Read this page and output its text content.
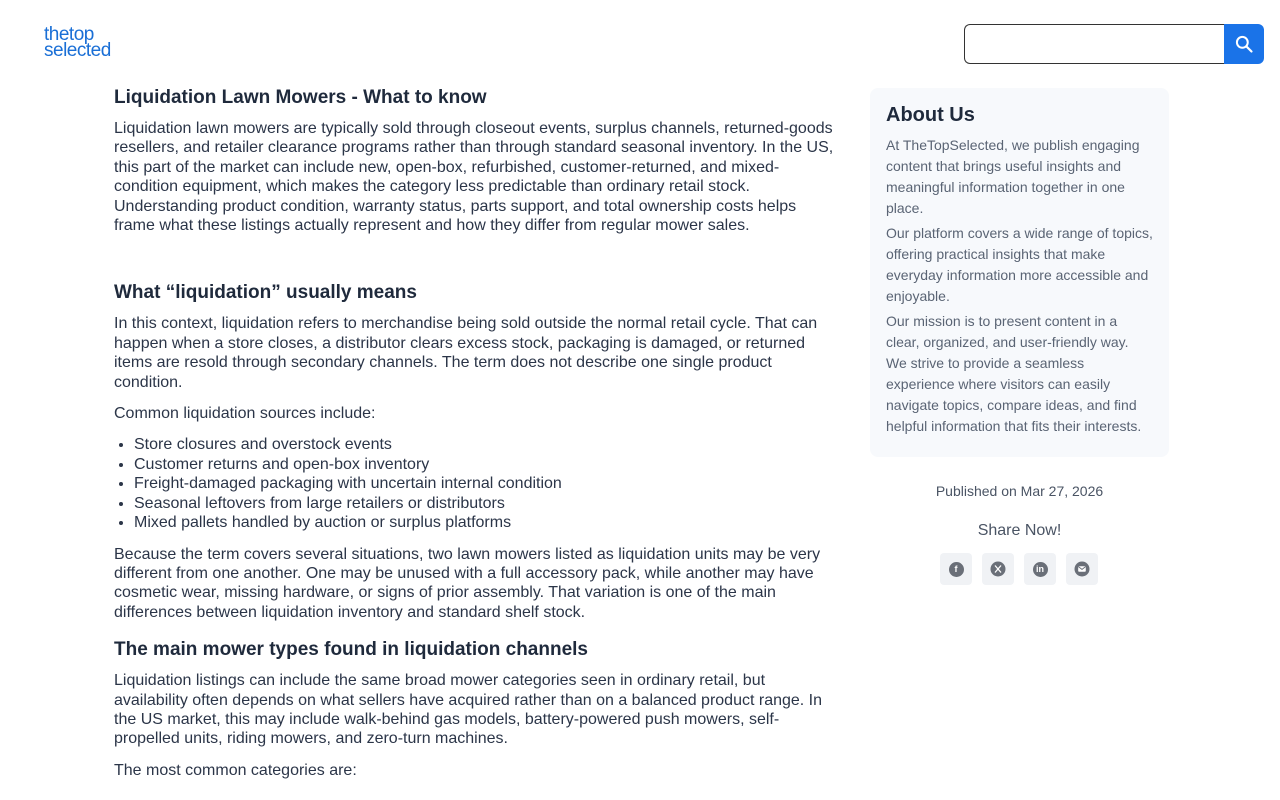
thetop
selected
Liquidation Lawn Mowers - What to know

Liquidation lawn mowers are typically sold through closeout events, surplus channels, returned-goods resellers, and retailer clearance programs rather than through standard seasonal inventory. In the US, this part of the market can include new, open-box, refurbished, customer-returned, and mixed-condition equipment, which makes the category less predictable than ordinary retail stock. Understanding product condition, warranty status, parts support, and total ownership costs helps frame what these listings actually represent and how they differ from regular mower sales.

What “liquidation” usually means

In this context, liquidation refers to merchandise being sold outside the normal retail cycle. That can happen when a store closes, a distributor clears excess stock, packaging is damaged, or returned items are resold through secondary channels. The term does not describe one single product condition.

Common liquidation sources include:

• Store closures and overstock events
• Customer returns and open-box inventory
• Freight-damaged packaging with uncertain internal condition
• Seasonal leftovers from large retailers or distributors
• Mixed pallets handled by auction or surplus platforms

Because the term covers several situations, two lawn mowers listed as liquidation units may be very different from one another. One may be unused with a full accessory pack, while another may have cosmetic wear, missing hardware, or signs of prior assembly. That variation is one of the main differences between liquidation inventory and standard shelf stock.

The main mower types found in liquidation channels

Liquidation listings can include the same broad mower categories seen in ordinary retail, but availability often depends on what sellers have acquired rather than on a balanced product range. In the US market, this may include walk-behind gas models, battery-powered push mowers, self-propelled units, riding mowers, and zero-turn machines.

The most common categories are:

About Us

At TheTopSelected, we publish engaging content that brings useful insights and meaningful information together in one place.

Our platform covers a wide range of topics, offering practical insights that make everyday information more accessible and enjoyable.

Our mission is to present content in a clear, organized, and user-friendly way. We strive to provide a seamless experience where visitors can easily navigate topics, compare ideas, and find helpful information that fits their interests.

Published on Mar 27, 2026
Share Now!
f	in
